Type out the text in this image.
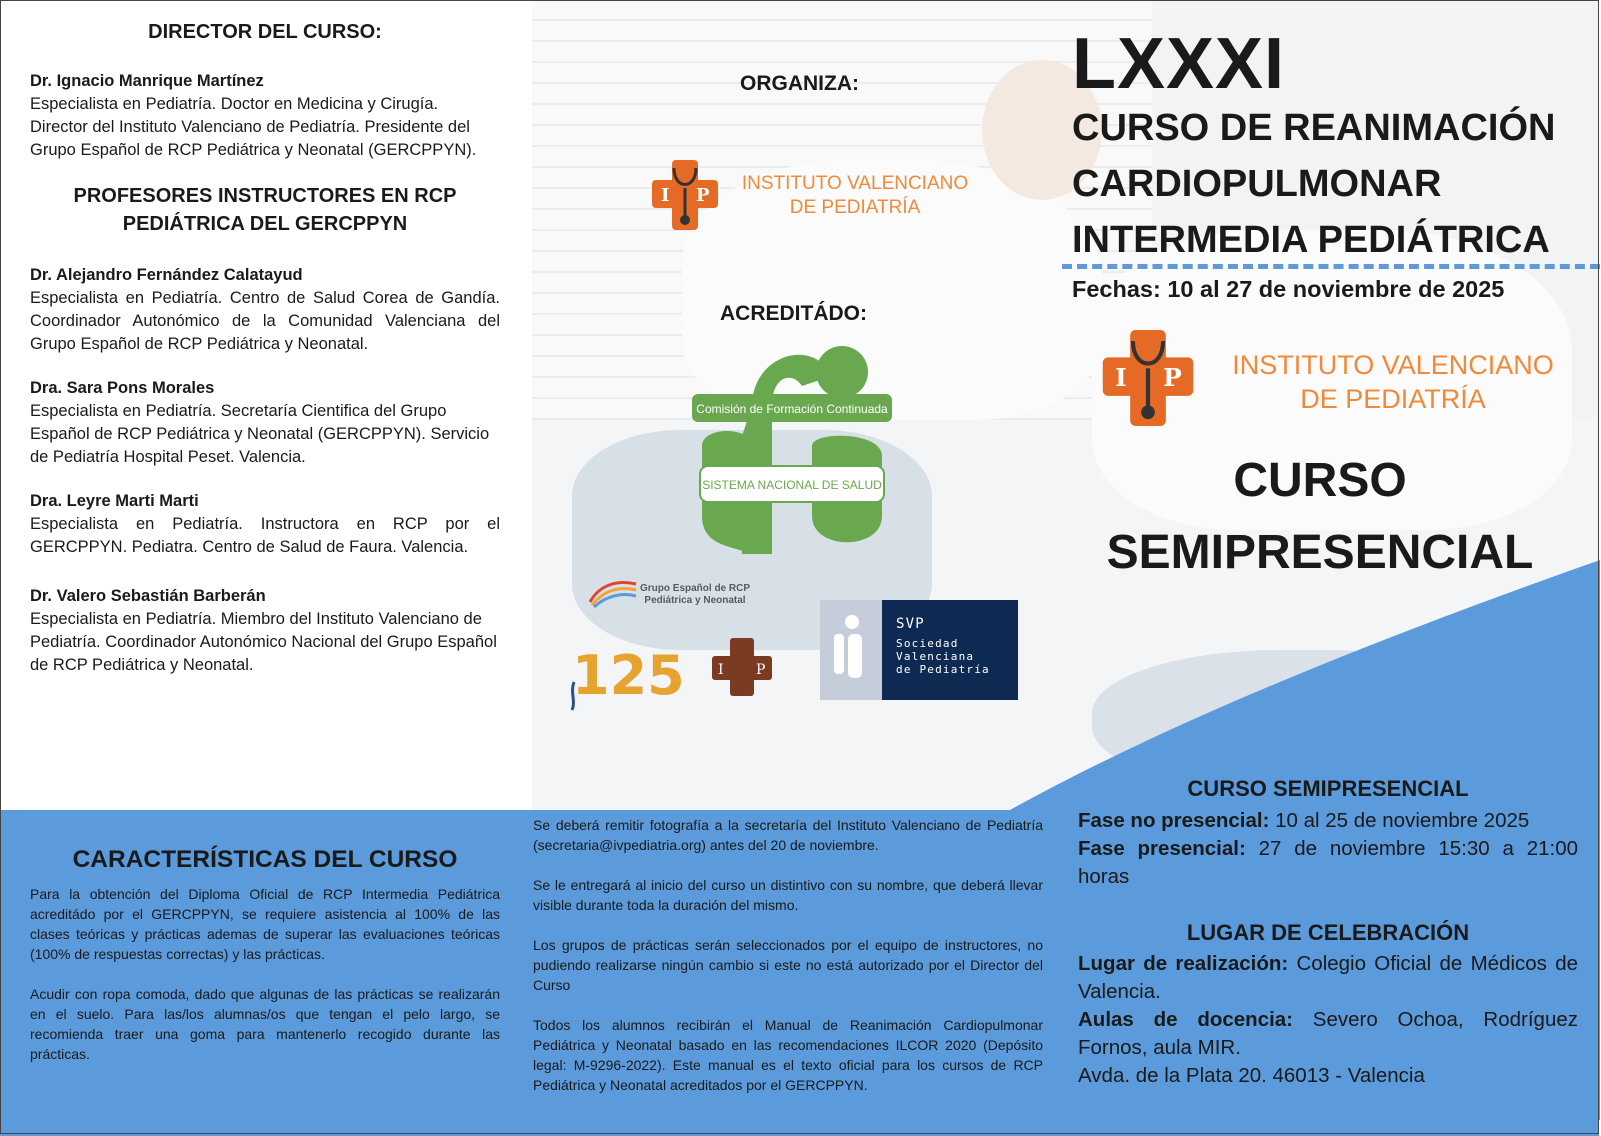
DIRECTOR DEL CURSO:

Dr. Ignacio Manrique Martínez
Especialista en Pediatría. Doctor en Medicina y Cirugía. Director del Instituto Valenciano de Pediatría. Presidente del Grupo Español de RCP Pediátrica y Neonatal (GERCPPYN).

PROFESORES INSTRUCTORES EN RCP PEDIÁTRICA DEL GERCPPYN

Dr. Alejandro Fernández Calatayud
Especialista en Pediatría. Centro de Salud Corea de Gandía. Coordinador Autonómico de la Comunidad Valenciana del Grupo Español de RCP Pediátrica y Neonatal.
Dra. Sara Pons Morales
Especialista en Pediatría. Secretaría Cientifica del Grupo Español de RCP Pediátrica y Neonatal (GERCPPYN). Servicio de Pediatría Hospital Peset. Valencia.
Dra. Leyre Marti Marti
Especialista en Pediatría. Instructora en RCP por el GERCPPYN. Pediatra. Centro de Salud de Faura. Valencia.
Dr. Valero Sebastián Barberán
Especialista en Pediatría. Miembro del Instituto Valenciano de Pediatría. Coordinador Autonómico Nacional del Grupo Español de RCP Pediátrica y Neonatal.
ORGANIZA:
I P
INSTITUTO VALENCIANO
DE PEDIATRÍA
ACREDITÁDO:
Comisión de Formación Continuada
SISTEMA NACIONAL DE SALUD
Grupo Español de RCP
Pediátrica y Neonatal
125 I P
SVP
Sociedad
Valenciana
de Pediatría
LXXXI
CURSO DE REANIMACIÓN
CARDIOPULMONAR
INTERMEDIA PEDIÁTRICA
Fechas: 10 al 27 de noviembre de 2025
I P INSTITUTO VALENCIANO
DE PEDIATRÍA
CURSO
SEMIPRESENCIAL
CARACTERÍSTICAS DEL CURSO

Para la obtención del Diploma Oficial de RCP Intermedia Pediátrica acreditádo por el GERCPPYN, se requiere asistencia al 100% de las clases teóricas y prácticas ademas de superar las evaluaciones teóricas (100% de respuestas correctas) y las prácticas.

Acudir con ropa comoda, dado que algunas de las prácticas se realizarán en el suelo. Para las/los alumnas/os que tengan el pelo largo, se recomienda traer una goma para mantenerlo recogido durante las prácticas.

Se deberá remitir fotografía a la secretaría del Instituto Valenciano de Pediatría (secretaria@ivpediatria.org) antes del 20 de noviembre.

Se le entregará al inicio del curso un distintivo con su nombre, que deberá llevar visible durante toda la duración del mismo.

Los grupos de prácticas serán seleccionados por el equipo de instructores, no pudiendo realizarse ningún cambio si este no está autorizado por el Director del Curso

Todos los alumnos recibirán el Manual de Reanimación Cardiopulmonar Pediátrica y Neonatal basado en las recomendaciones ILCOR 2020 (Depósito legal: M-9296-2022). Este manual es el texto oficial para los cursos de RCP Pediátrica y Neonatal acreditados por el GERCPPYN.

CURSO SEMIPRESENCIAL
Fase no presencial: 10 al 25 de noviembre 2025
Fase presencial: 27 de noviembre 15:30 a 21:00 horas
LUGAR DE CELEBRACIÓN
Lugar de realización: Colegio Oficial de Médicos de Valencia.
Aulas de docencia: Severo Ochoa, Rodríguez Fornos, aula MIR.
Avda. de la Plata 20. 46013 - Valencia
